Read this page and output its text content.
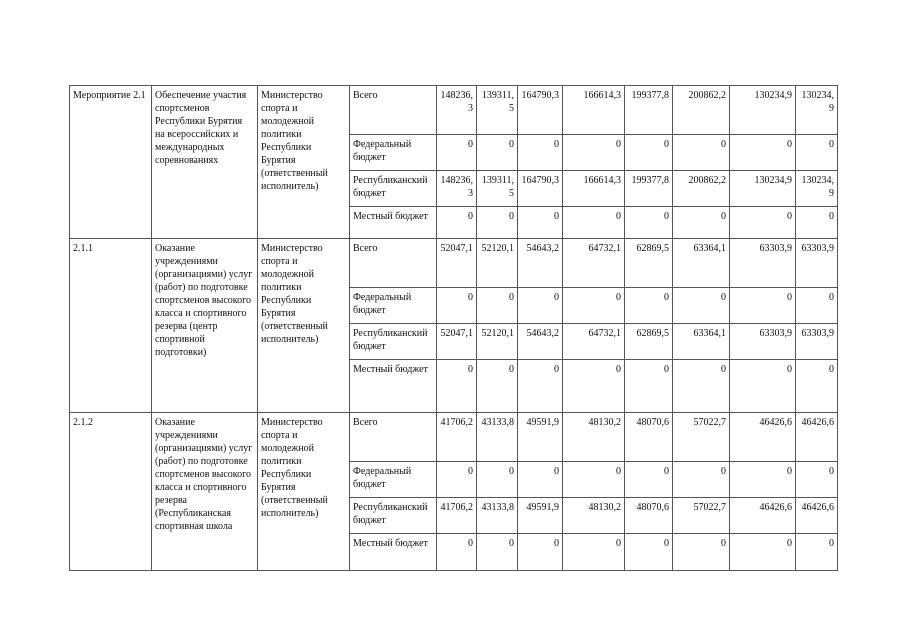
Мероприятие 2.1	Обеспечение участия спортсменов Республики Бурятия на всероссийских и международных соревнованиях	Министерство спорта и молодежной политики Республики Бурятия (ответственный исполнитель)	Всего	148236,3	139311,5	164790,3	166614,3	199377,8	200862,2	130234,9	130234,9
			Федеральный бюджет	0	0	0	0	0	0	0	0
			Республиканский бюджет	148236,3	139311,5	164790,3	166614,3	199377,8	200862,2	130234,9	130234,9
			Местный бюджет	0	0	0	0	0	0	0	0
2.1.1	Оказание учреждениями (организациями) услуг (работ) по подготовке спортсменов высокого класса и спортивного резерва (центр спортивной подготовки)	Министерство спорта и молодежной политики Республики Бурятия (ответственный исполнитель)	Всего	52047,1	52120,1	54643,2	64732,1	62869,5	63364,1	63303,9	63303,9
			Федеральный бюджет	0	0	0	0	0	0	0	0
			Республиканский бюджет	52047,1	52120,1	54643,2	64732,1	62869,5	63364,1	63303,9	63303,9
			Местный бюджет	0	0	0	0	0	0	0	0
2.1.2	Оказание учреждениями (организациями) услуг (работ) по подготовке спортсменов высокого класса и спортивного резерва (Республиканская спортивная школа	Министерство спорта и молодежной политики Республики Бурятия (ответственный исполнитель)	Всего	41706,2	43133,8	49591,9	48130,2	48070,6	57022,7	46426,6	46426,6
			Федеральный бюджет	0	0	0	0	0	0	0	0
			Республиканский бюджет	41706,2	43133,8	49591,9	48130,2	48070,6	57022,7	46426,6	46426,6
			Местный бюджет	0	0	0	0	0	0	0	0
